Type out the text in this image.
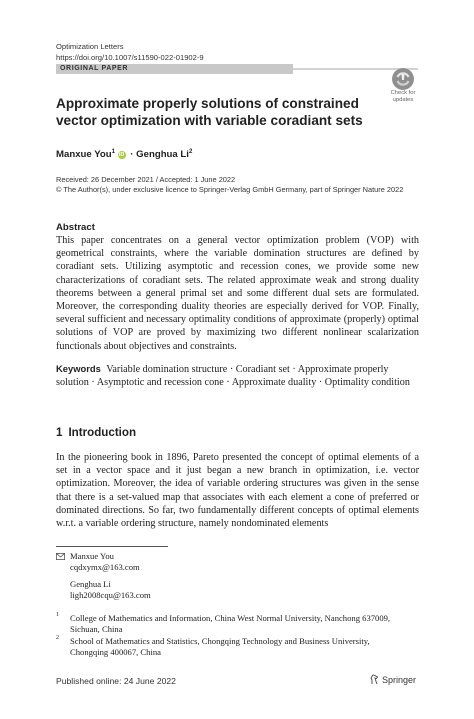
Optimization Letters
https://doi.org/10.1007/s11590-022-01902-9
ORIGINAL PAPER
Check for
updates
Approximate properly solutions of constrained vector optimization with variable coradiant sets
Manxue You$^1$ iD · Genghua Li$^2$
Received: 26 December 2021 / Accepted: 1 June 2022
© The Author(s), under exclusive licence to Springer-Verlag GmbH Germany, part of Springer Nature 2022
Abstract
This paper concentrates on a general vector optimization problem (VOP) with geometrical constraints, where the variable domination structures are defined by coradiant sets. Utilizing asymptotic and recession cones, we provide some new characterizations of coradiant sets. The related approximate weak and strong duality theorems between a general primal set and some different dual sets are formulated. Moreover, the corresponding duality theories are especially derived for VOP. Finally, several sufficient and necessary optimality conditions of approximate (properly) optimal solutions of VOP are proved by maximizing two different nonlinear scalarization functionals about objectives and constraints.
Keywords Variable domination structure · Coradiant set · Approximate properly solution · Asymptotic and recession cone · Approximate duality · Optimality condition
1 Introduction
In the pioneering book in 1896, Pareto presented the concept of optimal elements of a set in a vector space and it just began a new branch in optimization, i.e. vector optimization. Moreover, the idea of variable ordering structures was given in the sense that there is a set-valued map that associates with each element a cone of preferred or dominated directions. So far, two fundamentally different concepts of optimal elements w.r.t. a variable ordering structure, namely nondominated elements
Manxue You
cqdxymx@163.com
Genghua Li
ligh2008cqu@163.com
1 College of Mathematics and Information, China West Normal University, Nanchong 637009,
Sichuan, China
2 School of Mathematics and Statistics, Chongqing Technology and Business University,
Chongqing 400067, China
Published online: 24 June 2022	Springer
